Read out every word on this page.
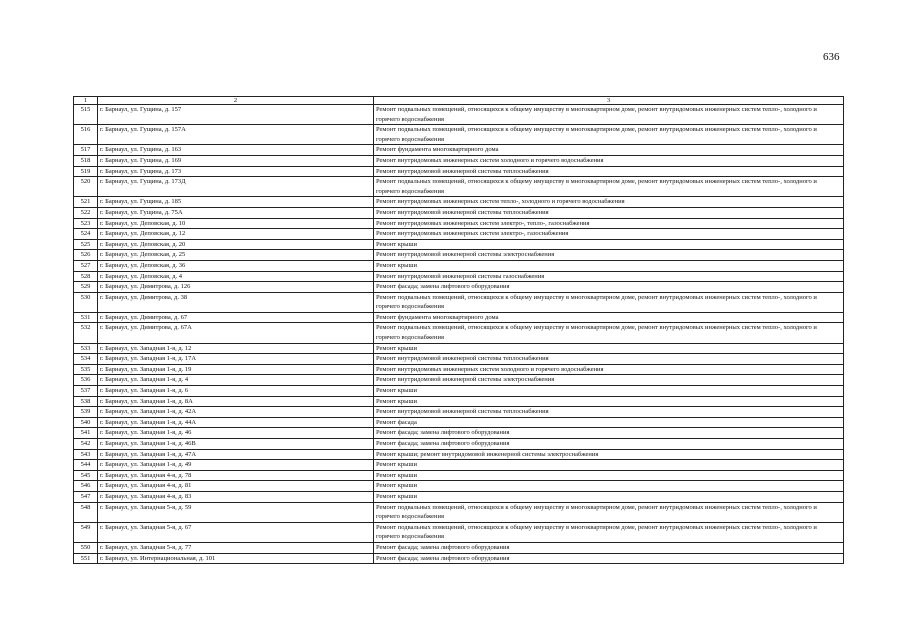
636
1	2	3
515	г. Барнаул, ул. Гущина, д. 157	Ремонт подвальных помещений, относящихся к общему имуществу в многоквартирном доме, ремонт внутридомовых инженерных систем тепло-, холодного и горячего водоснабжения
516	г. Барнаул, ул. Гущина, д. 157А	Ремонт подвальных помещений, относящихся к общему имуществу в многоквартирном доме, ремонт внутридомовых инженерных систем тепло-, холодного и горячего водоснабжения
517	г. Барнаул, ул. Гущина, д. 163	Ремонт фундамента многоквартирного дома
518	г. Барнаул, ул. Гущина, д. 169	Ремонт внутридомовых инженерных систем холодного и горячего водоснабжения
519	г. Барнаул, ул. Гущина, д. 173	Ремонт внутридомовой инженерной системы теплоснабжения
520	г. Барнаул, ул. Гущина, д. 173Д	Ремонт подвальных помещений, относящихся к общему имуществу в многоквартирном доме, ремонт внутридомовых инженерных систем тепло-, холодного и горячего водоснабжения
521	г. Барнаул, ул. Гущина, д. 185	Ремонт внутридомовых инженерных систем тепло-, холодного и горячего водоснабжения
522	г. Барнаул, ул. Гущина, д. 75А	Ремонт внутридомовой инженерной системы теплоснабжения
523	г. Барнаул, ул. Деповская, д. 10	Ремонт внутридомовых инженерных систем электро-, тепло-, газоснабжения
524	г. Барнаул, ул. Деповская, д. 12	Ремонт внутридомовых инженерных систем электро-, газоснабжения
525	г. Барнаул, ул. Деповская, д. 20	Ремонт крыши
526	г. Барнаул, ул. Деповская, д. 25	Ремонт внутридомовой инженерной системы электроснабжения
527	г. Барнаул, ул. Деповская, д. 36	Ремонт крыши
528	г. Барнаул, ул. Деповская, д. 4	Ремонт внутридомовой инженерной системы газоснабжения
529	г. Барнаул, ул. Димитрова, д. 126	Ремонт фасада; замена лифтового оборудования
530	г. Барнаул, ул. Димитрова, д. 38	Ремонт подвальных помещений, относящихся к общему имуществу в многоквартирном доме, ремонт внутридомовых инженерных систем тепло-, холодного и горячего водоснабжения
531	г. Барнаул, ул. Димитрова, д. 67	Ремонт фундамента многоквартирного дома
532	г. Барнаул, ул. Димитрова, д. 67А	Ремонт подвальных помещений, относящихся к общему имуществу в многоквартирном доме, ремонт внутридомовых инженерных систем тепло-, холодного и горячего водоснабжения
533	г. Барнаул, ул. Западная 1-я, д. 12	Ремонт крыши
534	г. Барнаул, ул. Западная 1-я, д. 17А	Ремонт внутридомовой инженерной системы теплоснабжения
535	г. Барнаул, ул. Западная 1-я, д. 19	Ремонт внутридомовых инженерных систем холодного и горячего водоснабжения
536	г. Барнаул, ул. Западная 1-я, д. 4	Ремонт внутридомовой инженерной системы электроснабжения
537	г. Барнаул, ул. Западная 1-я, д. 6	Ремонт крыши
538	г. Барнаул, ул. Западная 1-я, д. 8А	Ремонт крыши
539	г. Барнаул, ул. Западная 1-я, д. 42А	Ремонт внутридомовой инженерной системы теплоснабжения
540	г. Барнаул, ул. Западная 1-я, д. 44А	Ремонт фасада
541	г. Барнаул, ул. Западная 1-я, д. 46	Ремонт фасада; замена лифтового оборудования
542	г. Барнаул, ул. Западная 1-я, д. 46В	Ремонт фасада; замена лифтового оборудования
543	г. Барнаул, ул. Западная 1-я, д. 47А	Ремонт крыши; ремонт внутридомовой инженерной системы электроснабжения
544	г. Барнаул, ул. Западная 1-я, д. 49	Ремонт крыши
545	г. Барнаул, ул. Западная 4-я, д. 78	Ремонт крыши
546	г. Барнаул, ул. Западная 4-я, д. 81	Ремонт крыши
547	г. Барнаул, ул. Западная 4-я, д. 83	Ремонт крыши
548	г. Барнаул, ул. Западная 5-я, д. 59	Ремонт подвальных помещений, относящихся к общему имуществу в многоквартирном доме, ремонт внутридомовых инженерных систем тепло-, холодного и горячего водоснабжения
549	г. Барнаул, ул. Западная 5-я, д. 67	Ремонт подвальных помещений, относящихся к общему имуществу в многоквартирном доме, ремонт внутридомовых инженерных систем тепло-, холодного и горячего водоснабжения
550	г. Барнаул, ул. Западная 5-я, д. 77	Ремонт фасада; замена лифтового оборудования
551	г. Барнаул, ул. Интернациональная, д. 101	Ремонт фасада; замена лифтового оборудования
